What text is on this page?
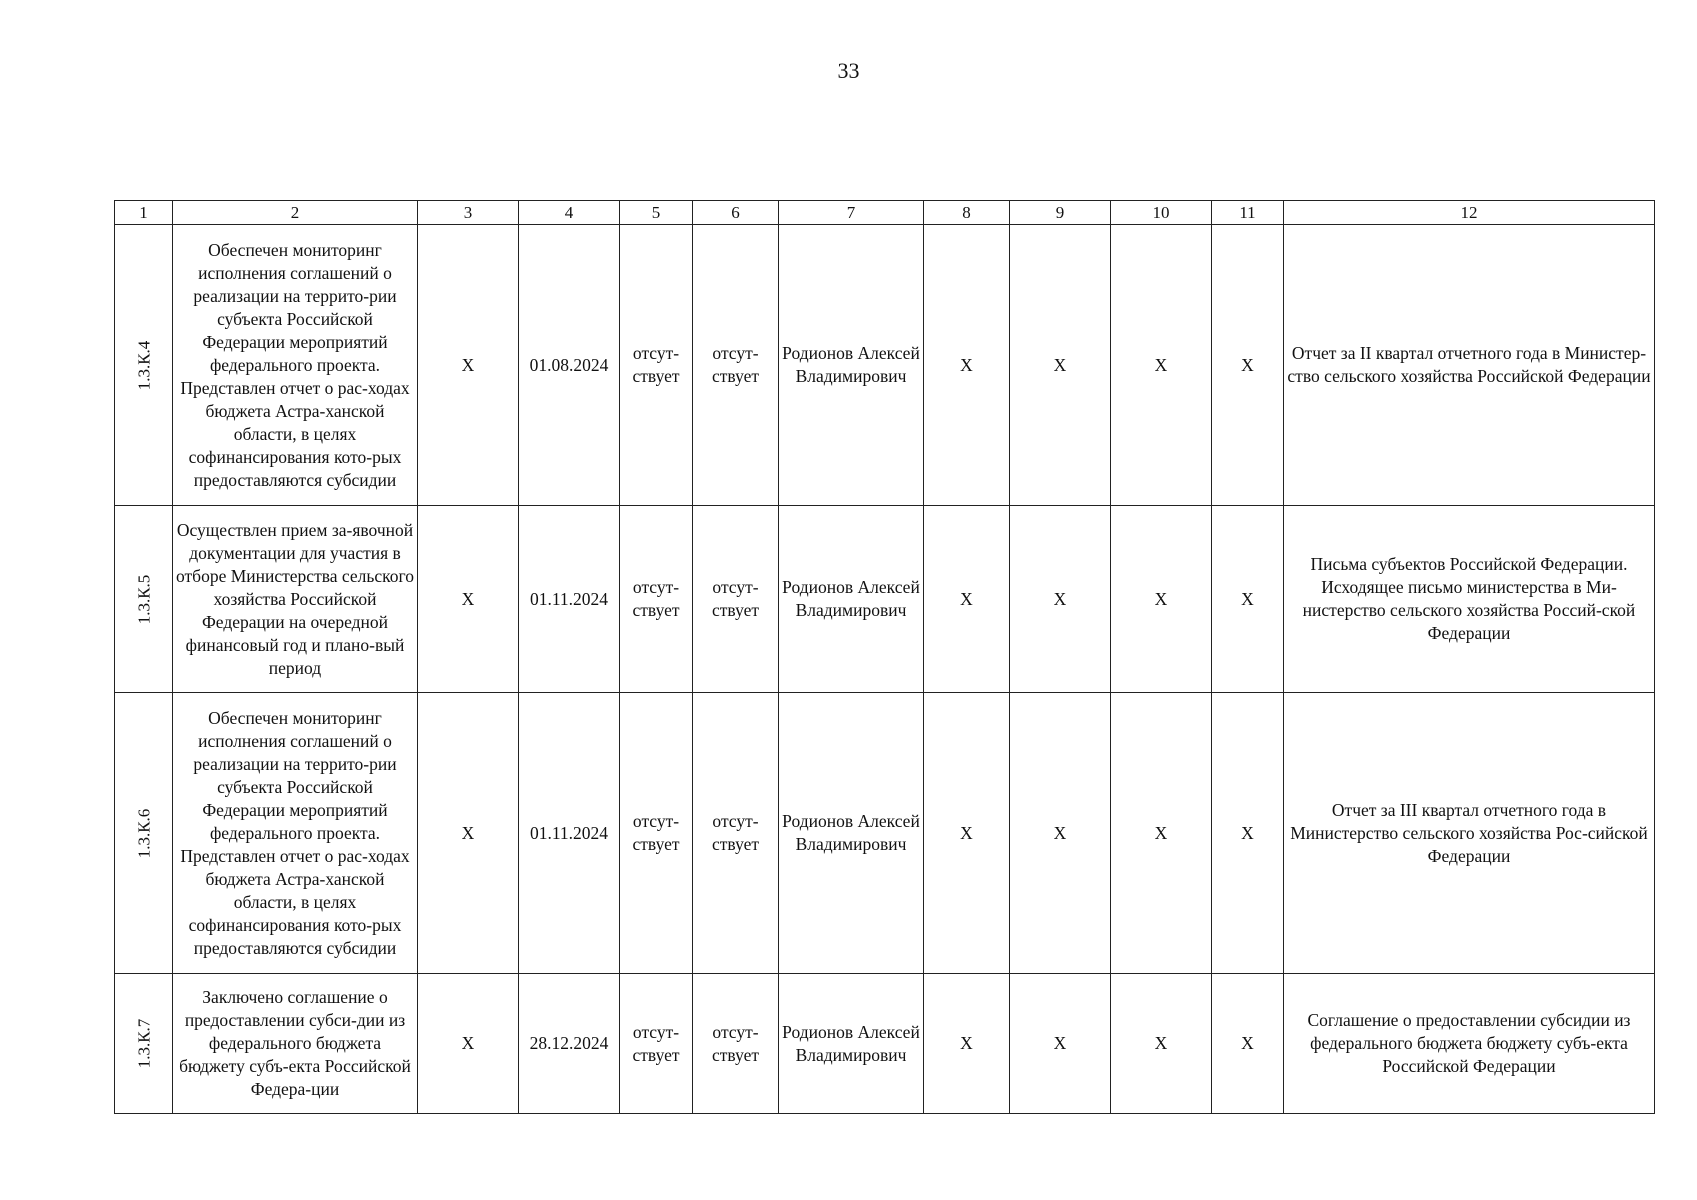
33
1	2	3	4	5	6	7	8	9	10	11	12
1.3.К.4	Обеспечен мониторинг исполнения соглашений о реализации на террито-рии субъекта Российской Федерации мероприятий федерального проекта. Представлен отчет о рас-ходах бюджета Астра-ханской области, в целях софинансирования кото-рых предоставляются субсидии	Х	01.08.2024	отсут-ствует	отсут-ствует	Родионов Алексей Владимирович	Х	Х	Х	Х	Отчет за II квартал отчетного года в Министер-ство сельского хозяйства Российской Федерации
1.3.К.5	Осуществлен прием за-явочной документации для участия в отборе Министерства сельского хозяйства Российской Федерации на очередной финансовый год и плано-вый период	Х	01.11.2024	отсут-ствует	отсут-ствует	Родионов Алексей Владимирович	Х	Х	Х	Х	Письма субъектов Российской Федерации. Исходящее письмо министерства в Ми-нистерство сельского хозяйства Россий-ской Федерации
1.3.К.6	Обеспечен мониторинг исполнения соглашений о реализации на террито-рии субъекта Российской Федерации мероприятий федерального проекта. Представлен отчет о рас-ходах бюджета Астра-ханской области, в целях софинансирования кото-рых предоставляются субсидии	Х	01.11.2024	отсут-ствует	отсут-ствует	Родионов Алексей Владимирович	Х	Х	Х	Х	Отчет за III квартал отчетного года в Министерство сельского хозяйства Рос-сийской Федерации
1.3.К.7	Заключено соглашение о предоставлении субси-дии из федерального бюджета бюджету субъ-екта Российской Федера-ции	Х	28.12.2024	отсут-ствует	отсут-ствует	Родионов Алексей Владимирович	Х	Х	Х	Х	Соглашение о предоставлении субсидии из федерального бюджета бюджету субъ-екта Российской Федерации
